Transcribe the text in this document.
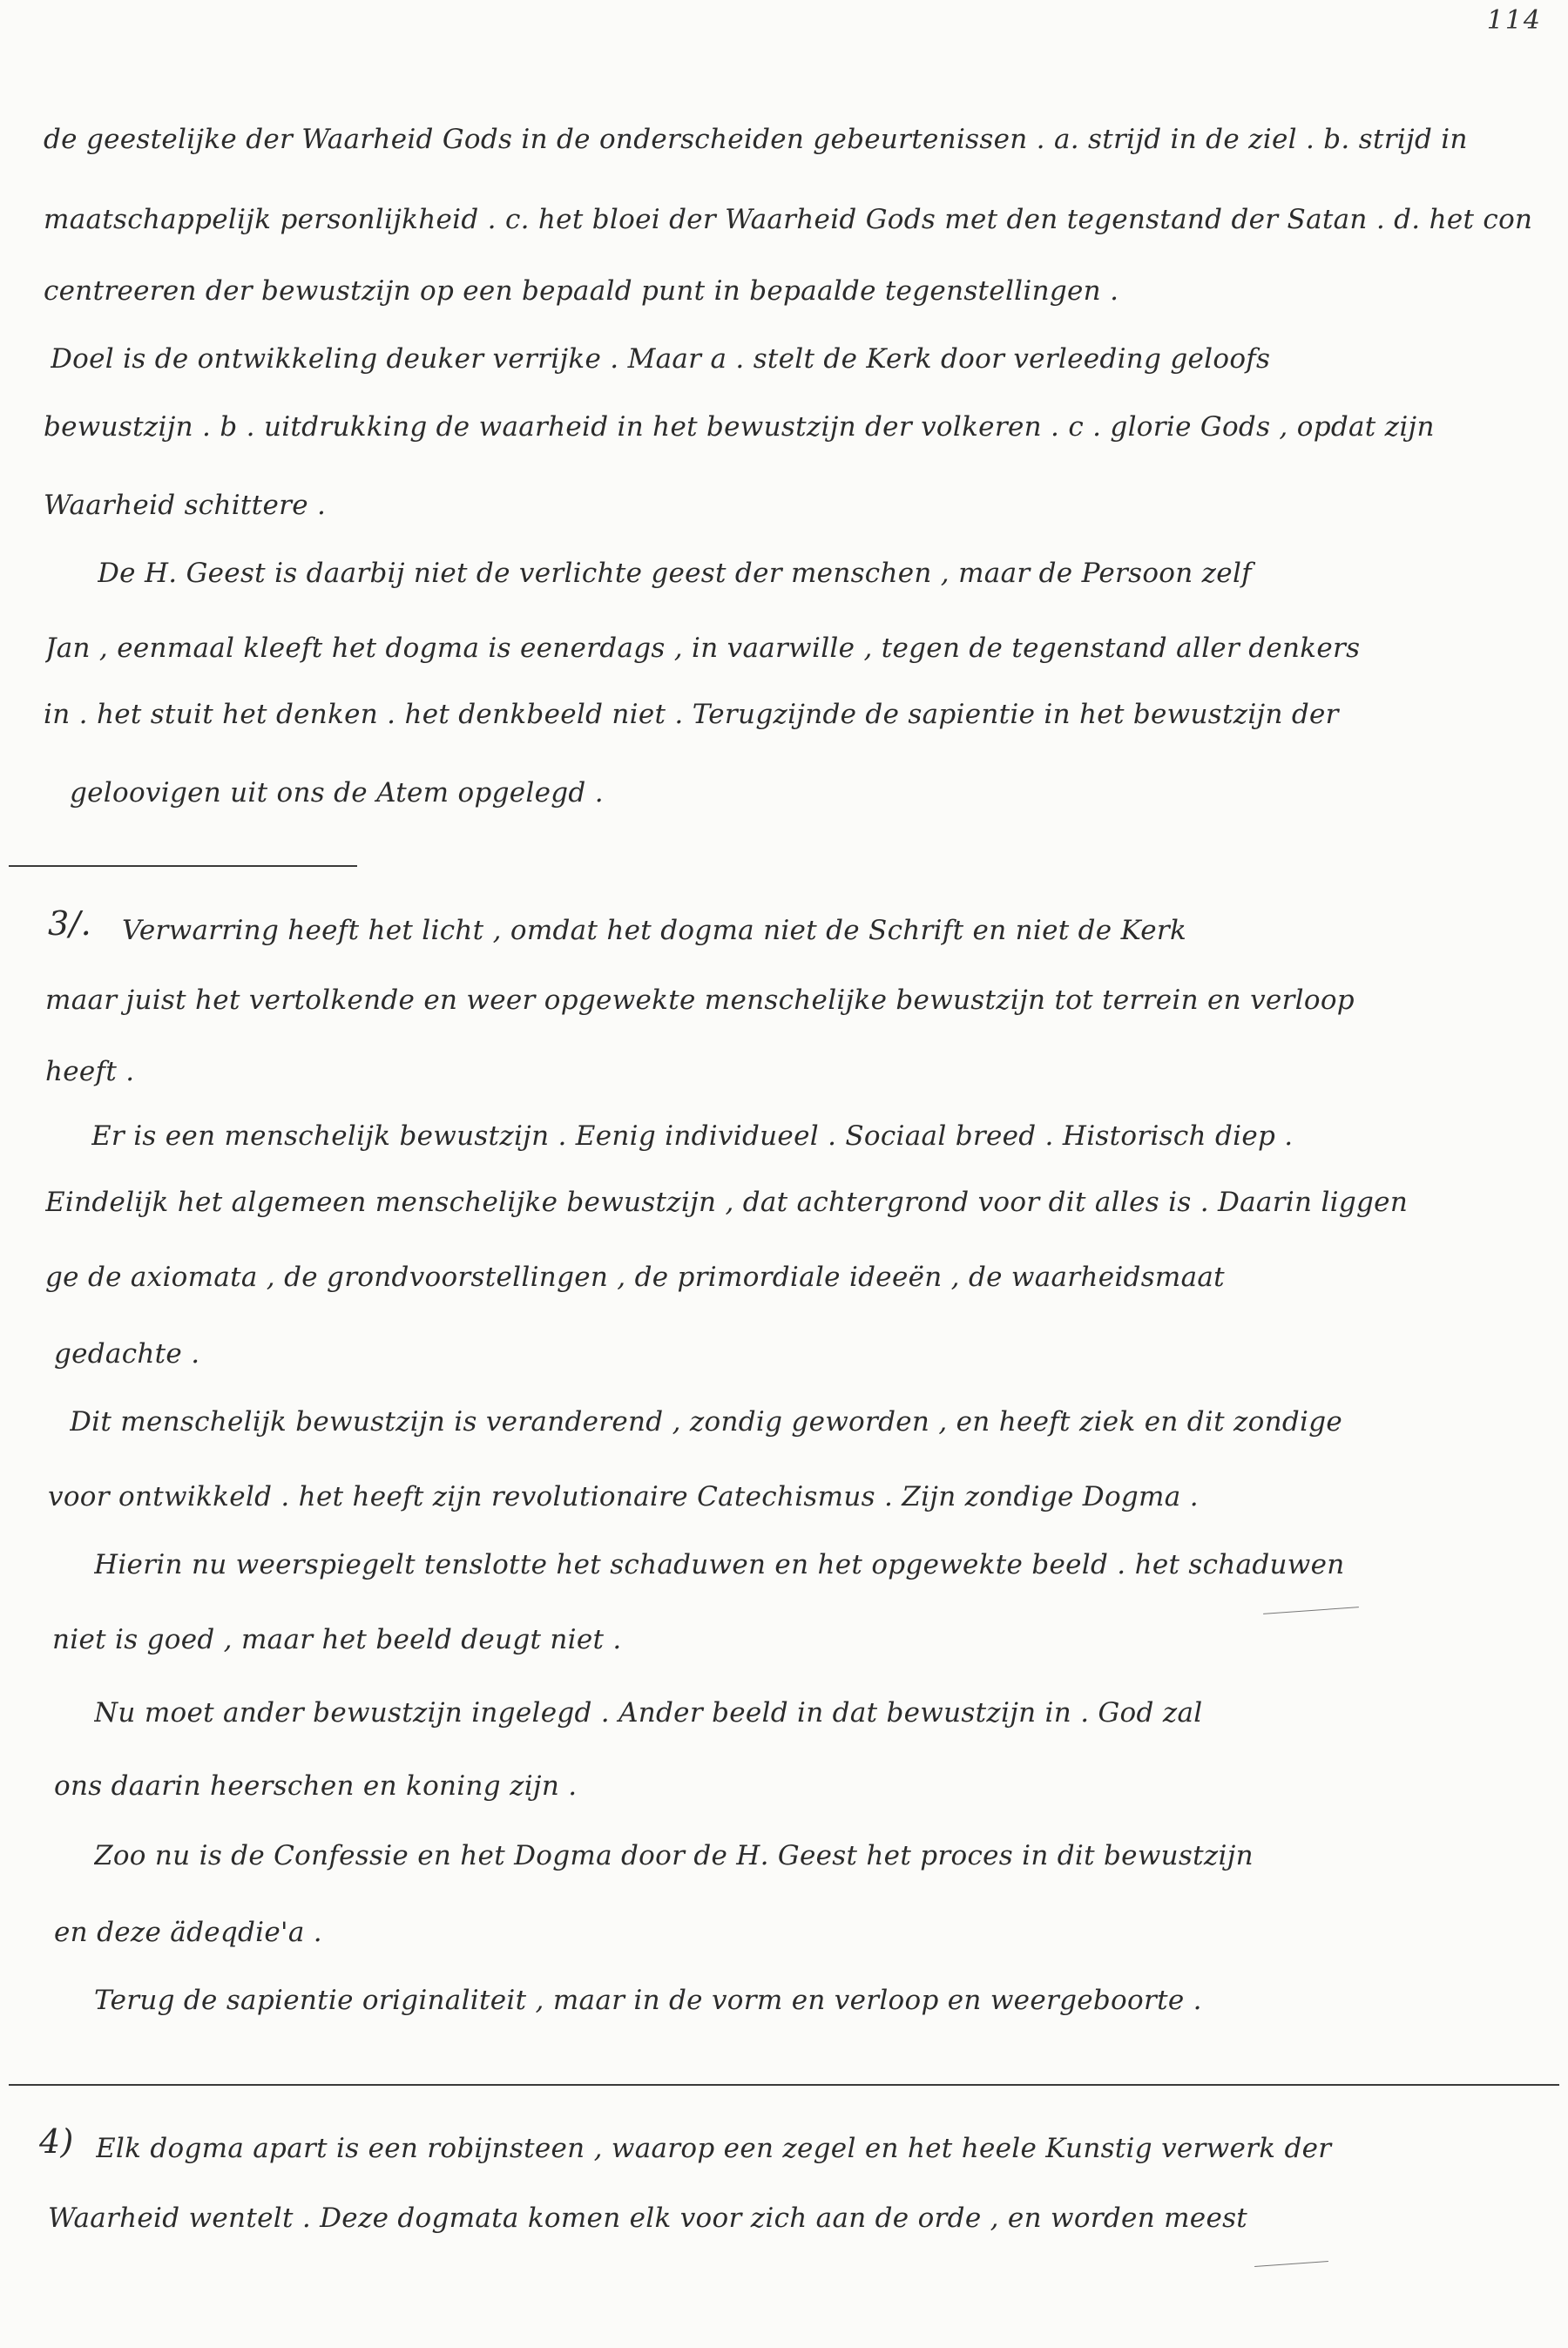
114
de geestelijke der Waarheid Gods in de onderscheiden gebeurtenissen . a. strijd in de ziel . b. strijd in
maatschappelijk personlijkheid . c. het bloei der Waarheid Gods met den tegenstand der Satan . d. het con
centreeren der bewustzijn op een bepaald punt in bepaalde tegenstellingen .
Doel is de ontwikkeling deuker verrijke . Maar a . stelt de Kerk door verleeding geloofs
bewustzijn . b . uitdrukking de waarheid in het bewustzijn der volkeren . c . glorie Gods , opdat zijn
Waarheid schittere .
De H. Geest is daarbij niet de verlichte geest der menschen , maar de Persoon zelf
Jan , eenmaal kleeft het dogma is eenerdags , in vaarwille , tegen de tegenstand aller denkers
in . het stuit het denken . het denkbeeld niet . Terugzijnde de sapientie in het bewustzijn der
geloovigen uit ons de Atem opgelegd .
3/.	Verwarring heeft het licht , omdat het dogma niet de Schrift en niet de Kerk
maar juist het vertolkende en weer opgewekte menschelijke bewustzijn tot terrein en verloop
heeft .
Er is een menschelijk bewustzijn . Eenig individueel . Sociaal breed . Historisch diep .
Eindelijk het algemeen menschelijke bewustzijn , dat achtergrond voor dit alles is . Daarin liggen
ge de axiomata , de grondvoorstellingen , de primordiale ideeën , de waarheidsmaat
gedachte .
Dit menschelijk bewustzijn is veranderend , zondig geworden , en heeft ziek en dit zondige
voor ontwikkeld . het heeft zijn revolutionaire Catechismus . Zijn zondige Dogma .
Hierin nu weerspiegelt tenslotte het schaduwen en het opgewekte beeld . het schaduwen
niet is goed , maar het beeld deugt niet .
Nu moet ander bewustzijn ingelegd . Ander beeld in dat bewustzijn in . God zal
ons daarin heerschen en koning zijn .
Zoo nu is de Confessie en het Dogma door de H. Geest het proces in dit bewustzijn
en deze ädeqdie'a .
Terug de sapientie originaliteit , maar in de vorm en verloop en weergeboorte .
4) Elk dogma apart is een robijnsteen , waarop een zegel en het heele Kunstig verwerk der
Waarheid wentelt . Deze dogmata komen elk voor zich aan de orde , en worden meest
